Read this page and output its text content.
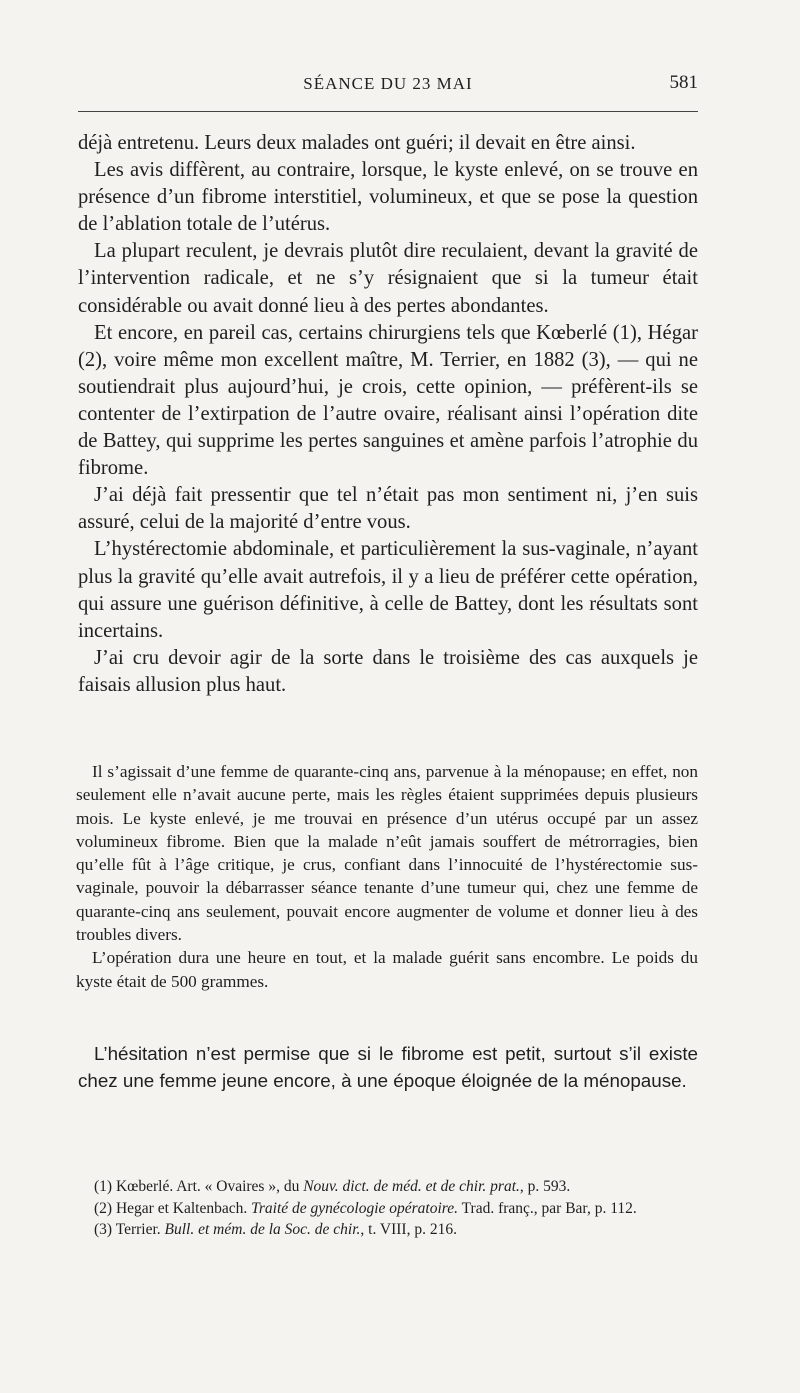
SÉANCE DU 23 MAI	581

déjà entretenu. Leurs deux malades ont guéri; il devait en être ainsi.

Les avis diffèrent, au contraire, lorsque, le kyste enlevé, on se trouve en présence d’un fibrome interstitiel, volumineux, et que se pose la question de l’ablation totale de l’utérus.

La plupart reculent, je devrais plutôt dire reculaient, devant la gravité de l’intervention radicale, et ne s’y résignaient que si la tumeur était considérable ou avait donné lieu à des pertes abondantes.

Et encore, en pareil cas, certains chirurgiens tels que Kœberlé (1), Hégar (2), voire même mon excellent maître, M. Terrier, en 1882 (3), — qui ne soutiendrait plus aujourd’hui, je crois, cette opinion, — préfèrent-ils se contenter de l’extirpation de l’autre ovaire, réalisant ainsi l’opération dite de Battey, qui supprime les pertes sanguines et amène parfois l’atrophie du fibrome.

J’ai déjà fait pressentir que tel n’était pas mon sentiment ni, j’en suis assuré, celui de la majorité d’entre vous.

L’hystérectomie abdominale, et particulièrement la sus-vaginale, n’ayant plus la gravité qu’elle avait autrefois, il y a lieu de préférer cette opération, qui assure une guérison définitive, à celle de Battey, dont les résultats sont incertains.

J’ai cru devoir agir de la sorte dans le troisième des cas auxquels je faisais allusion plus haut.

Il s’agissait d’une femme de quarante-cinq ans, parvenue à la ménopause; en effet, non seulement elle n’avait aucune perte, mais les règles étaient supprimées depuis plusieurs mois. Le kyste enlevé, je me trouvai en présence d’un utérus occupé par un assez volumineux fibrome. Bien que la malade n’eût jamais souffert de métrorragies, bien qu’elle fût à l’âge critique, je crus, confiant dans l’innocuité de l’hystérectomie sus-vaginale, pouvoir la débarrasser séance tenante d’une tumeur qui, chez une femme de quarante-cinq ans seulement, pouvait encore augmenter de volume et donner lieu à des troubles divers.

L’opération dura une heure en tout, et la malade guérit sans encombre. Le poids du kyste était de 500 grammes.

L’hésitation n’est permise que si le fibrome est petit, surtout s’il existe chez une femme jeune encore, à une époque éloignée de la ménopause.

(1) Kœberlé. Art. « Ovaires », du Nouv. dict. de méd. et de chir. prat., p. 593.

(2) Hegar et Kaltenbach. Traité de gynécologie opératoire. Trad. franç., par Bar, p. 112.

(3) Terrier. Bull. et mém. de la Soc. de chir., t. VIII, p. 216.
